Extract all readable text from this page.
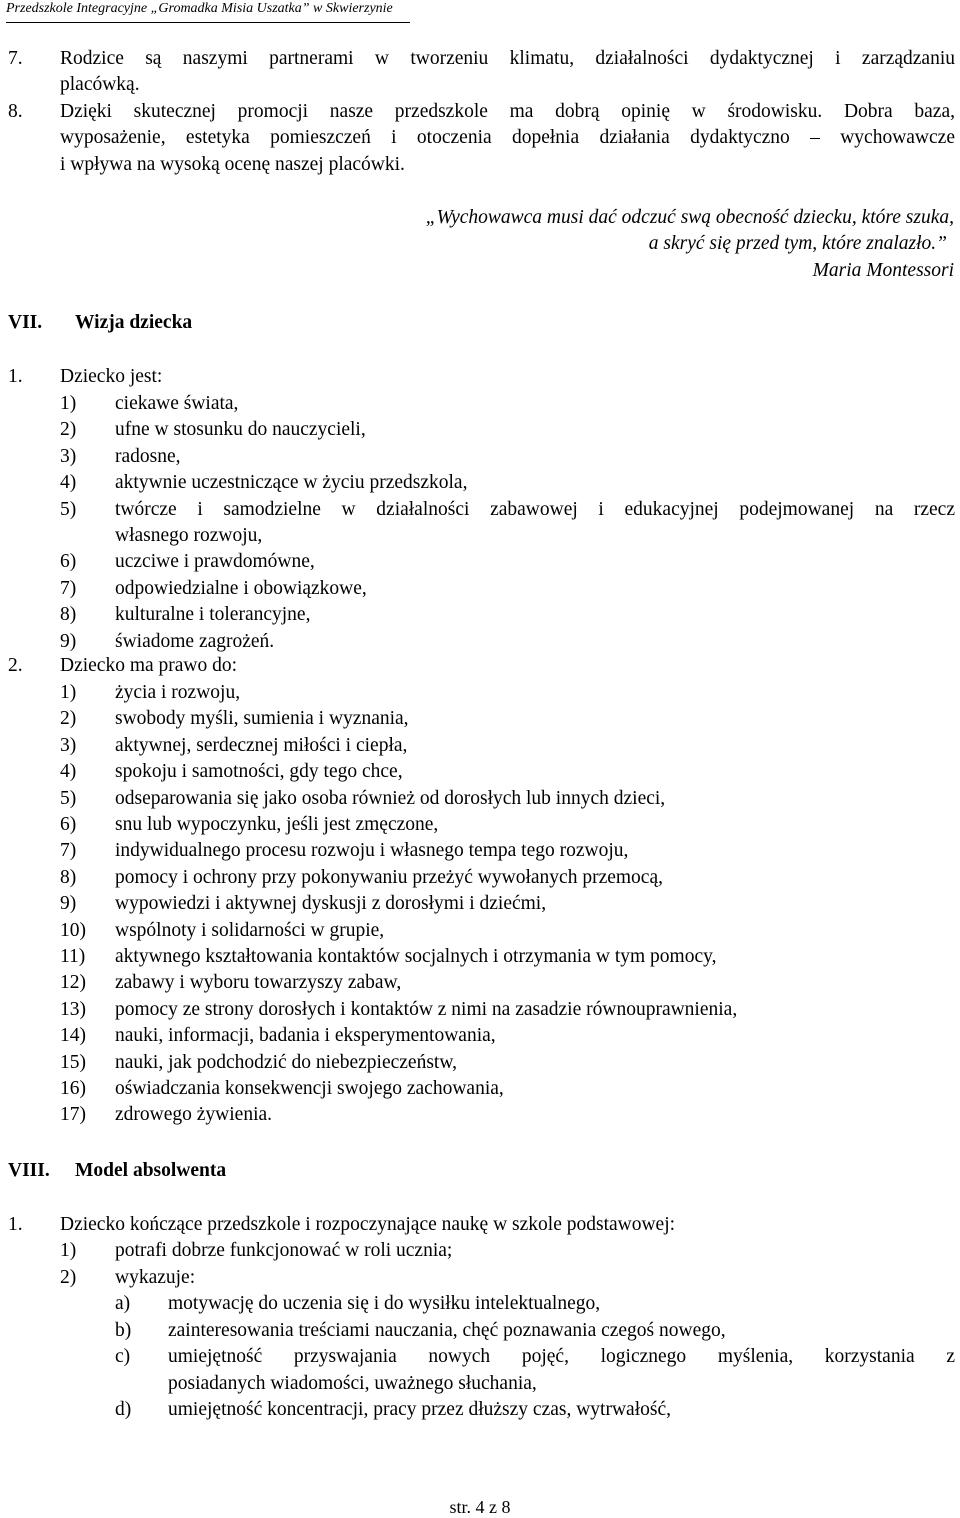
Przedszkole Integracyjne „Gromadka Misia Uszatka” w Skwierzynie
7. Rodzice są naszymi partnerami w tworzeniu klimatu, działalności dydaktycznej i zarządzaniu
placówką.
8. Dzięki skutecznej promocji nasze przedszkole ma dobrą opinię w środowisku. Dobra baza,
wyposażenie, estetyka pomieszczeń i otoczenia dopełnia działania dydaktyczno – wychowawcze
i wpływa na wysoką ocenę naszej placówki.
„Wychowawca musi dać odczuć swą obecność dziecku, które szuka,
a skryć się przed tym, które znalazło.”
Maria Montessori
VII. Wizja dziecka
1. Dziecko jest:
1) ciekawe świata,
2) ufne w stosunku do nauczycieli,
3) radosne,
4) aktywnie uczestniczące w życiu przedszkola,
5) twórcze i samodzielne w działalności zabawowej i edukacyjnej podejmowanej na rzecz
własnego rozwoju,
6) uczciwe i prawdomówne,
7) odpowiedzialne i obowiązkowe,
8) kulturalne i tolerancyjne,
9) świadome zagrożeń.
2. Dziecko ma prawo do:
1) życia i rozwoju,
2) swobody myśli, sumienia i wyznania,
3) aktywnej, serdecznej miłości i ciepła,
4) spokoju i samotności, gdy tego chce,
5) odseparowania się jako osoba również od dorosłych lub innych dzieci,
6) snu lub wypoczynku, jeśli jest zmęczone,
7) indywidualnego procesu rozwoju i własnego tempa tego rozwoju,
8) pomocy i ochrony przy pokonywaniu przeżyć wywołanych przemocą,
9) wypowiedzi i aktywnej dyskusji z dorosłymi i dziećmi,
10) wspólnoty i solidarności w grupie,
11) aktywnego kształtowania kontaktów socjalnych i otrzymania w tym pomocy,
12) zabawy i wyboru towarzyszy zabaw,
13) pomocy ze strony dorosłych i kontaktów z nimi na zasadzie równouprawnienia,
14) nauki, informacji, badania i eksperymentowania,
15) nauki, jak podchodzić do niebezpieczeństw,
16) oświadczania konsekwencji swojego zachowania,
17) zdrowego żywienia.
VIII. Model absolwenta
1. Dziecko kończące przedszkole i rozpoczynające naukę w szkole podstawowej:
1) potrafi dobrze funkcjonować w roli ucznia;
2) wykazuje:
a) motywację do uczenia się i do wysiłku intelektualnego,
b) zainteresowania treściami nauczania, chęć poznawania czegoś nowego,
c) umiejętność przyswajania nowych pojęć, logicznego myślenia, korzystania z
posiadanych wiadomości, uważnego słuchania,
d) umiejętność koncentracji, pracy przez dłuższy czas, wytrwałość,
str. 4 z 8
